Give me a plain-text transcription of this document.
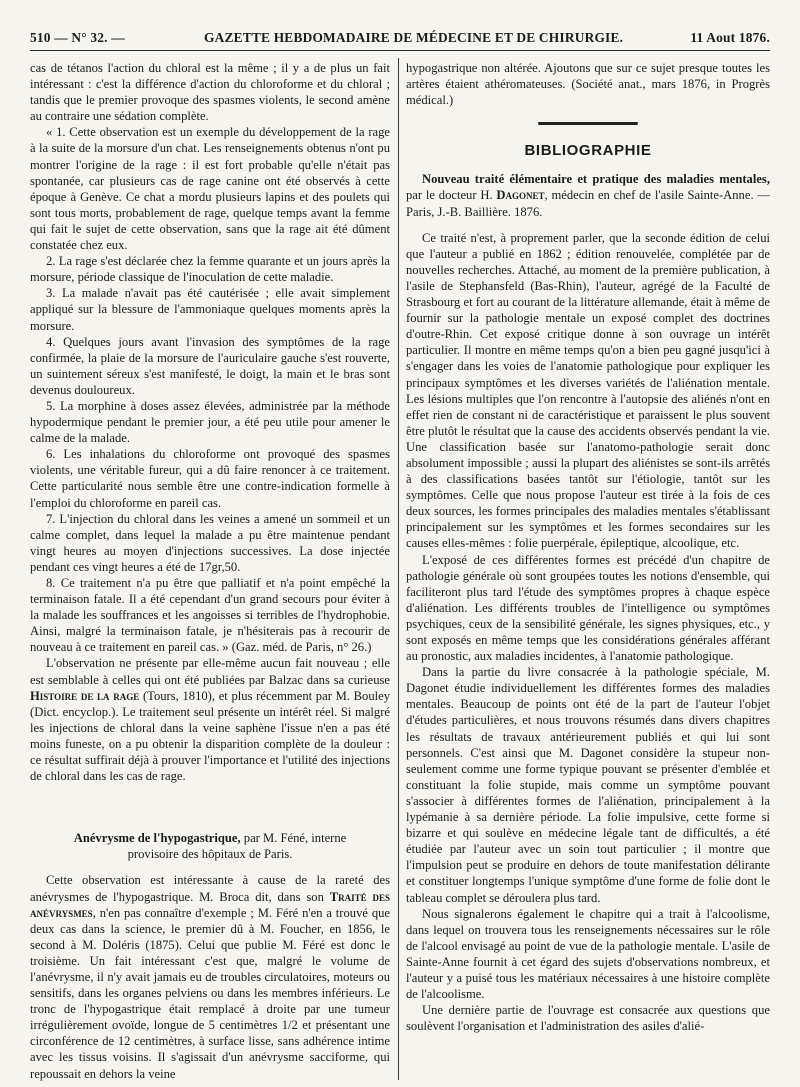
510 — N° 32. —	GAZETTE HEBDOMADAIRE DE MÉDECINE ET DE CHIRURGIE.	11 Aout 1876.

cas de tétanos l'action du chloral est la même ; il y a de plus un fait intéressant : c'est la différence d'action du chloroforme et du chloral ; tandis que le premier provoque des spasmes violents, le second amène au contraire une sédation complète.

« 1. Cette observation est un exemple du développement de la rage à la suite de la morsure d'un chat. Les renseignements obtenus n'ont pu montrer l'origine de la rage : il est fort probable qu'elle n'était pas spontanée, car plusieurs cas de rage canine ont été observés à cette époque à Genève. Ce chat a mordu plusieurs lapins et des poulets qui sont tous morts, probablement de rage, quelque temps avant la femme qui fait le sujet de cette observation, sans que la rage ait été dûment constatée chez eux.

2. La rage s'est déclarée chez la femme quarante et un jours après la morsure, période classique de l'inoculation de cette maladie.

3. La malade n'avait pas été cautérisée ; elle avait simplement appliqué sur la blessure de l'ammoniaque quelques moments après la morsure.

4. Quelques jours avant l'invasion des symptômes de la rage confirmée, la plaie de la morsure de l'auriculaire gauche s'est rouverte, un suintement séreux s'est manifesté, le doigt, la main et le bras sont devenus douloureux.

5. La morphine à doses assez élevées, administrée par la méthode hypodermique pendant le premier jour, a été peu utile pour amener le calme de la malade.

6. Les inhalations du chloroforme ont provoqué des spasmes violents, une véritable fureur, qui a dû faire renoncer à ce traitement. Cette particularité nous semble être une contre-indication formelle à l'emploi du chloroforme en pareil cas.

7. L'injection du chloral dans les veines a amené un sommeil et un calme complet, dans lequel la malade a pu être maintenue pendant vingt heures au moyen d'injections successives. La dose injectée pendant ces vingt heures a été de 17gr,50.

8. Ce traitement n'a pu être que palliatif et n'a point empêché la terminaison fatale. Il a été cependant d'un grand secours pour éviter à la malade les souffrances et les angoisses si terribles de l'hydrophobie. Ainsi, malgré la terminaison fatale, je n'hésiterais pas à recourir de nouveau à ce traitement en pareil cas. » (Gaz. méd. de Paris, n° 26.)

L'observation ne présente par elle-même aucun fait nouveau ; elle est semblable à celles qui ont été publiées par Balzac dans sa curieuse Histoire de la rage (Tours, 1810), et plus récemment par M. Bouley (Dict. encyclop.). Le traitement seul présente un intérêt réel. Si malgré les injections de chloral dans la veine saphène l'issue n'en a pas été moins funeste, on a pu obtenir la disparition complète de la douleur : ce résultat suffirait déjà à prouver l'importance et l'utilité des injections de chloral dans les cas de rage.

Anévrysme de l'hypogastrique, par M. Féné, interne

provisoire des hôpitaux de Paris.

Cette observation est intéressante à cause de la rareté des anévrysmes de l'hypogastrique. M. Broca dit, dans son Traité des anévrysmes, n'en pas connaître d'exemple ; M. Féré n'en a trouvé que deux cas dans la science, le premier dû à M. Foucher, en 1856, le second à M. Doléris (1875). Celui que publie M. Féré est donc le troisième. Un fait intéressant c'est que, malgré le volume de l'anévrysme, il n'y avait jamais eu de troubles circulatoires, moteurs ou sensitifs, dans les organes pelviens ou dans les membres inférieurs. Le tronc de l'hypogastrique était remplacé à droite par une tumeur irrégulièrement ovoïde, longue de 5 centimètres 1/2 et présentant une circonférence de 12 centimètres, à surface lisse, sans adhérence intime avec les tissus voisins. Il s'agissait d'un anévrysme sacciforme, qui repoussait en dehors la veine

hypogastrique non altérée. Ajoutons que sur ce sujet presque toutes les artères étaient athéromateuses. (Société anat., mars 1876, in Progrès médical.)

BIBLIOGRAPHIE

Nouveau traité élémentaire et pratique des maladies mentales, par le docteur H. Dagonet, médecin en chef de l'asile Sainte-Anne. — Paris, J.-B. Baillière. 1876.

Ce traité n'est, à proprement parler, que la seconde édition de celui que l'auteur a publié en 1862 ; édition renouvelée, complétée par de nouvelles recherches. Attaché, au moment de la première publication, à l'asile de Stephansfeld (Bas-Rhin), l'auteur, agrégé de la Faculté de Strasbourg et fort au courant de la littérature allemande, était à même de fournir sur la pathologie mentale un exposé complet des doctrines d'outre-Rhin. Cet exposé critique donne à son ouvrage un intérêt particulier. Il montre en même temps qu'on a bien peu gagné jusqu'ici à s'engager dans les voies de l'anatomie pathologique pour expliquer les principaux symptômes et les diverses variétés de l'aliénation mentale. Les lésions multiples que l'on rencontre à l'autopsie des aliénés n'ont en effet rien de constant ni de caractéristique et paraissent le plus souvent être plutôt le résultat que la cause des accidents observés pendant la vie. Une classification basée sur l'anatomo-pathologie serait donc absolument impossible ; aussi la plupart des aliénistes se sont-ils arrêtés à des classifications basées tantôt sur l'étiologie, tantôt sur les symptômes. Celle que nous propose l'auteur est tirée à la fois de ces deux sources, les formes principales des maladies mentales s'établissant principalement sur les symptômes et les formes secondaires sur les causes elles-mêmes : folie puerpérale, épileptique, alcoolique, etc.

L'exposé de ces différentes formes est précédé d'un chapitre de pathologie générale où sont groupées toutes les notions d'ensemble, qui faciliteront plus tard l'étude des symptômes propres à chaque espèce d'aliénation. Les différents troubles de l'intelligence ou symptômes psychiques, ceux de la sensibilité générale, les signes physiques, etc., y sont exposés en même temps que les considérations générales afférant au pronostic, aux maladies incidentes, à l'anatomie pathologique.

Dans la partie du livre consacrée à la pathologie spéciale, M. Dagonet étudie individuellement les différentes formes des maladies mentales. Beaucoup de points ont été de la part de l'auteur l'objet d'études particulières, et nous trouvons résumés dans divers chapitres les résultats de travaux antérieurement publiés et qui lui sont personnels. C'est ainsi que M. Dagonet considère la stupeur non-seulement comme une forme typique pouvant se présenter d'emblée et constituant la folie stupide, mais comme un symptôme pouvant s'associer à différentes formes de l'aliénation, principalement à la lypémanie à sa dernière période. La folie impulsive, cette forme si bizarre et qui soulève en médecine légale tant de difficultés, a été étudiée par l'auteur avec un soin tout particulier ; il montre que l'impulsion peut se produire en dehors de toute manifestation délirante et constituer longtemps l'unique symptôme d'une forme de folie dont le tableau complet se déroulera plus tard.

Nous signalerons également le chapitre qui a trait à l'alcoolisme, dans lequel on trouvera tous les renseignements nécessaires sur le rôle de l'alcool envisagé au point de vue de la pathologie mentale. L'asile de Sainte-Anne fournit à cet égard des sujets d'observations nombreux, et l'auteur y a puisé tous les matériaux nécessaires à une histoire complète de l'alcoolisme.

Une dernière partie de l'ouvrage est consacrée aux questions que soulèvent l'organisation et l'administration des asiles d'alié-
